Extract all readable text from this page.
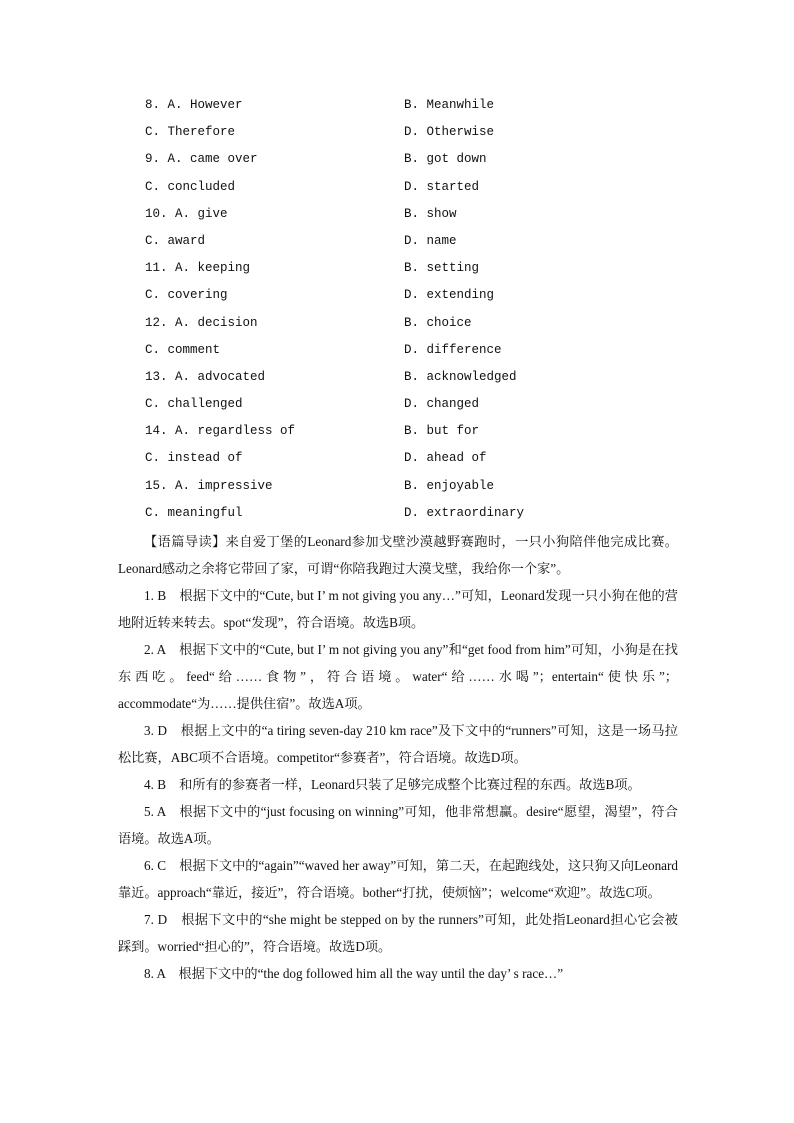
8. A. However	B. Meanwhile
C. Therefore	D. Otherwise
9. A. came over	B. got down
C. concluded	D. started
10. A. give	B. show
C. award	D. name
11. A. keeping	B. setting
C. covering	D. extending
12. A. decision	B. choice
C. comment	D. difference
13. A. advocated	B. acknowledged
C. challenged	D. changed
14. A. regardless of	B. but for
C. instead of	D. ahead of
15. A. impressive	B. enjoyable
C. meaningful	D. extraordinary

【语篇导读】来自爱丁堡的Leonard参加戈壁沙漠越野赛跑时，一只小狗陪伴他完成比赛。Leonard感动之余将它带回了家，可谓“你陪我跑过大漠戈壁，我给你一个家”。

1. B　根据下文中的“Cute, but I’ m not giving you any…”可知，Leonard发现一只小狗在他的营地附近转来转去。spot“发现”，符合语境。故选B项。

2. A　根据下文中的“Cute, but I’ m not giving you any”和“get food from him”可知，小狗是在找东西吃。feed“给……食物”，符合语境。water“给……水喝”；entertain“使快乐”；accommodate“为……提供住宿”。故选A项。

3. D　根据上文中的“a tiring seven-day 210 km race”及下文中的“runners”可知，这是一场马拉松比赛，ABC项不合语境。competitor“参赛者”，符合语境。故选D项。

4. B　和所有的参赛者一样，Leonard只装了足够完成整个比赛过程的东西。故选B项。

5. A　根据下文中的“just focusing on winning”可知，他非常想赢。desire“愿望，渴望”，符合语境。故选A项。

6. C　根据下文中的“again”“waved her away”可知，第二天，在起跑线处，这只狗又向Leonard靠近。approach“靠近，接近”，符合语境。bother“打扰，使烦恼”；welcome“欢迎”。故选C项。

7. D　根据下文中的“she might be stepped on by the runners”可知，此处指Leonard担心它会被踩到。worried“担心的”，符合语境。故选D项。

8. A　根据下文中的“the dog followed him all the way until the day’ s race…”
